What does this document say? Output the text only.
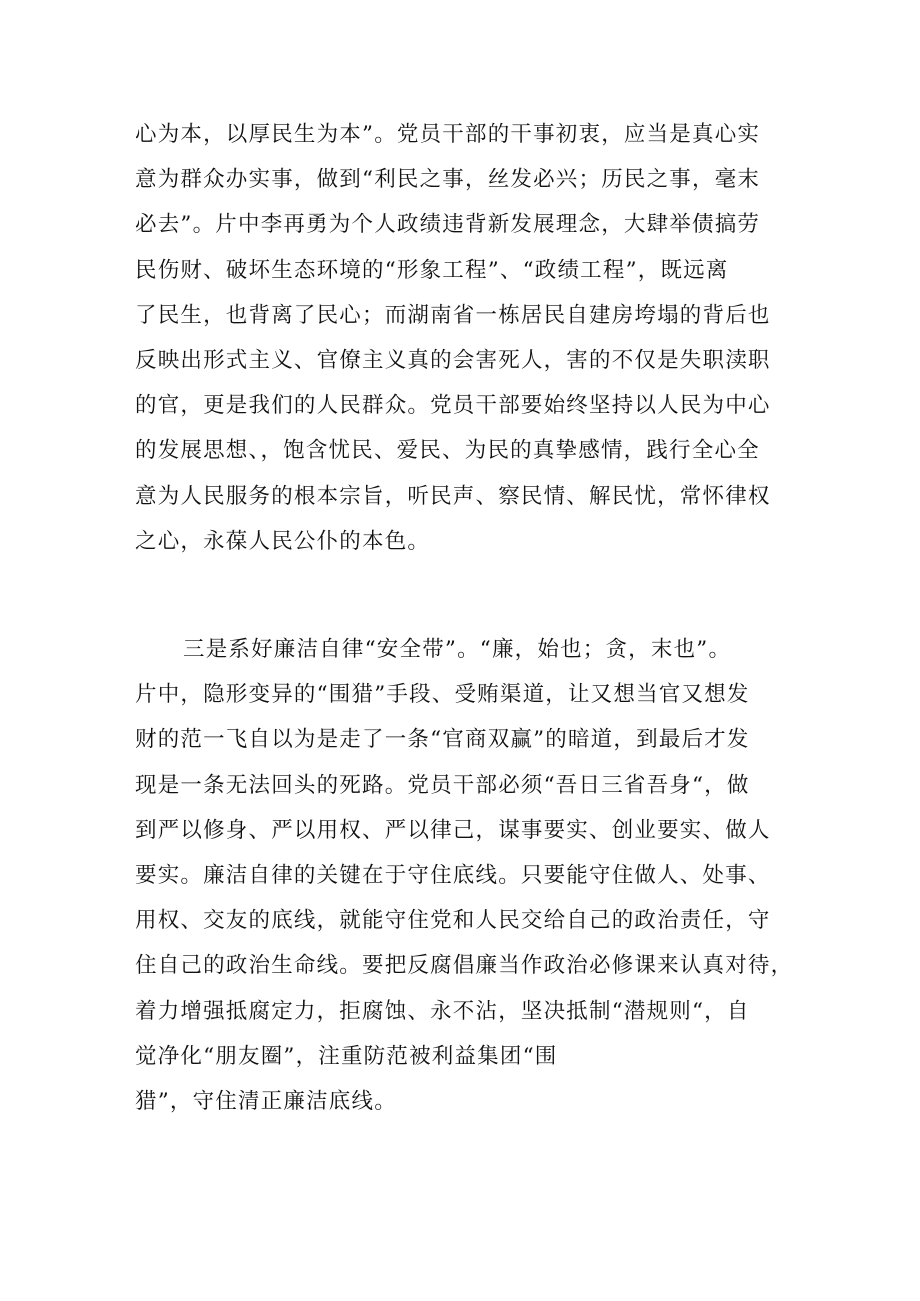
心为本，以厚民生为本”。党员干部的干事初衷，应当是真心实
意为群众办实事，做到“利民之事，丝发必兴；历民之事，毫末
必去”。片中李再勇为个人政绩违背新发展理念，大肆举债搞劳
民伤财、破坏生态环境的“形象工程”、“政绩工程”，既远离
了民生，也背离了民心；而湖南省一栋居民自建房垮塌的背后也
反映出形式主义、官僚主义真的会害死人，害的不仅是失职渎职
的官，更是我们的人民群众。党员干部要始终坚持以人民为中心
的发展思想、，饱含忧民、爱民、为民的真挚感情，践行全心全
意为人民服务的根本宗旨，听民声、察民情、解民忧，常怀律权
之心，永葆人民公仆的本色。
三是系好廉洁自律“安全带”。“廉，始也；贪，末也”。
片中，隐形变异的“围猎”手段、受贿渠道，让又想当官又想发
财的范一飞自以为是走了一条“官商双赢”的暗道，到最后才发
现是一条无法回头的死路。党员干部必须“吾日三省吾身“，做
到严以修身、严以用权、严以律己，谋事要实、创业要实、做人
要实。廉洁自律的关键在于守住底线。只要能守住做人、处事、
用权、交友的底线，就能守住党和人民交给自己的政治责任，守
住自己的政治生命线。要把反腐倡廉当作政治必修课来认真对待，
着力增强抵腐定力，拒腐蚀、永不沾，坚决抵制“潜规则“，自
觉净化“朋友圈”，注重防范被利益集团“围
猎”，守住清正廉洁底线。
